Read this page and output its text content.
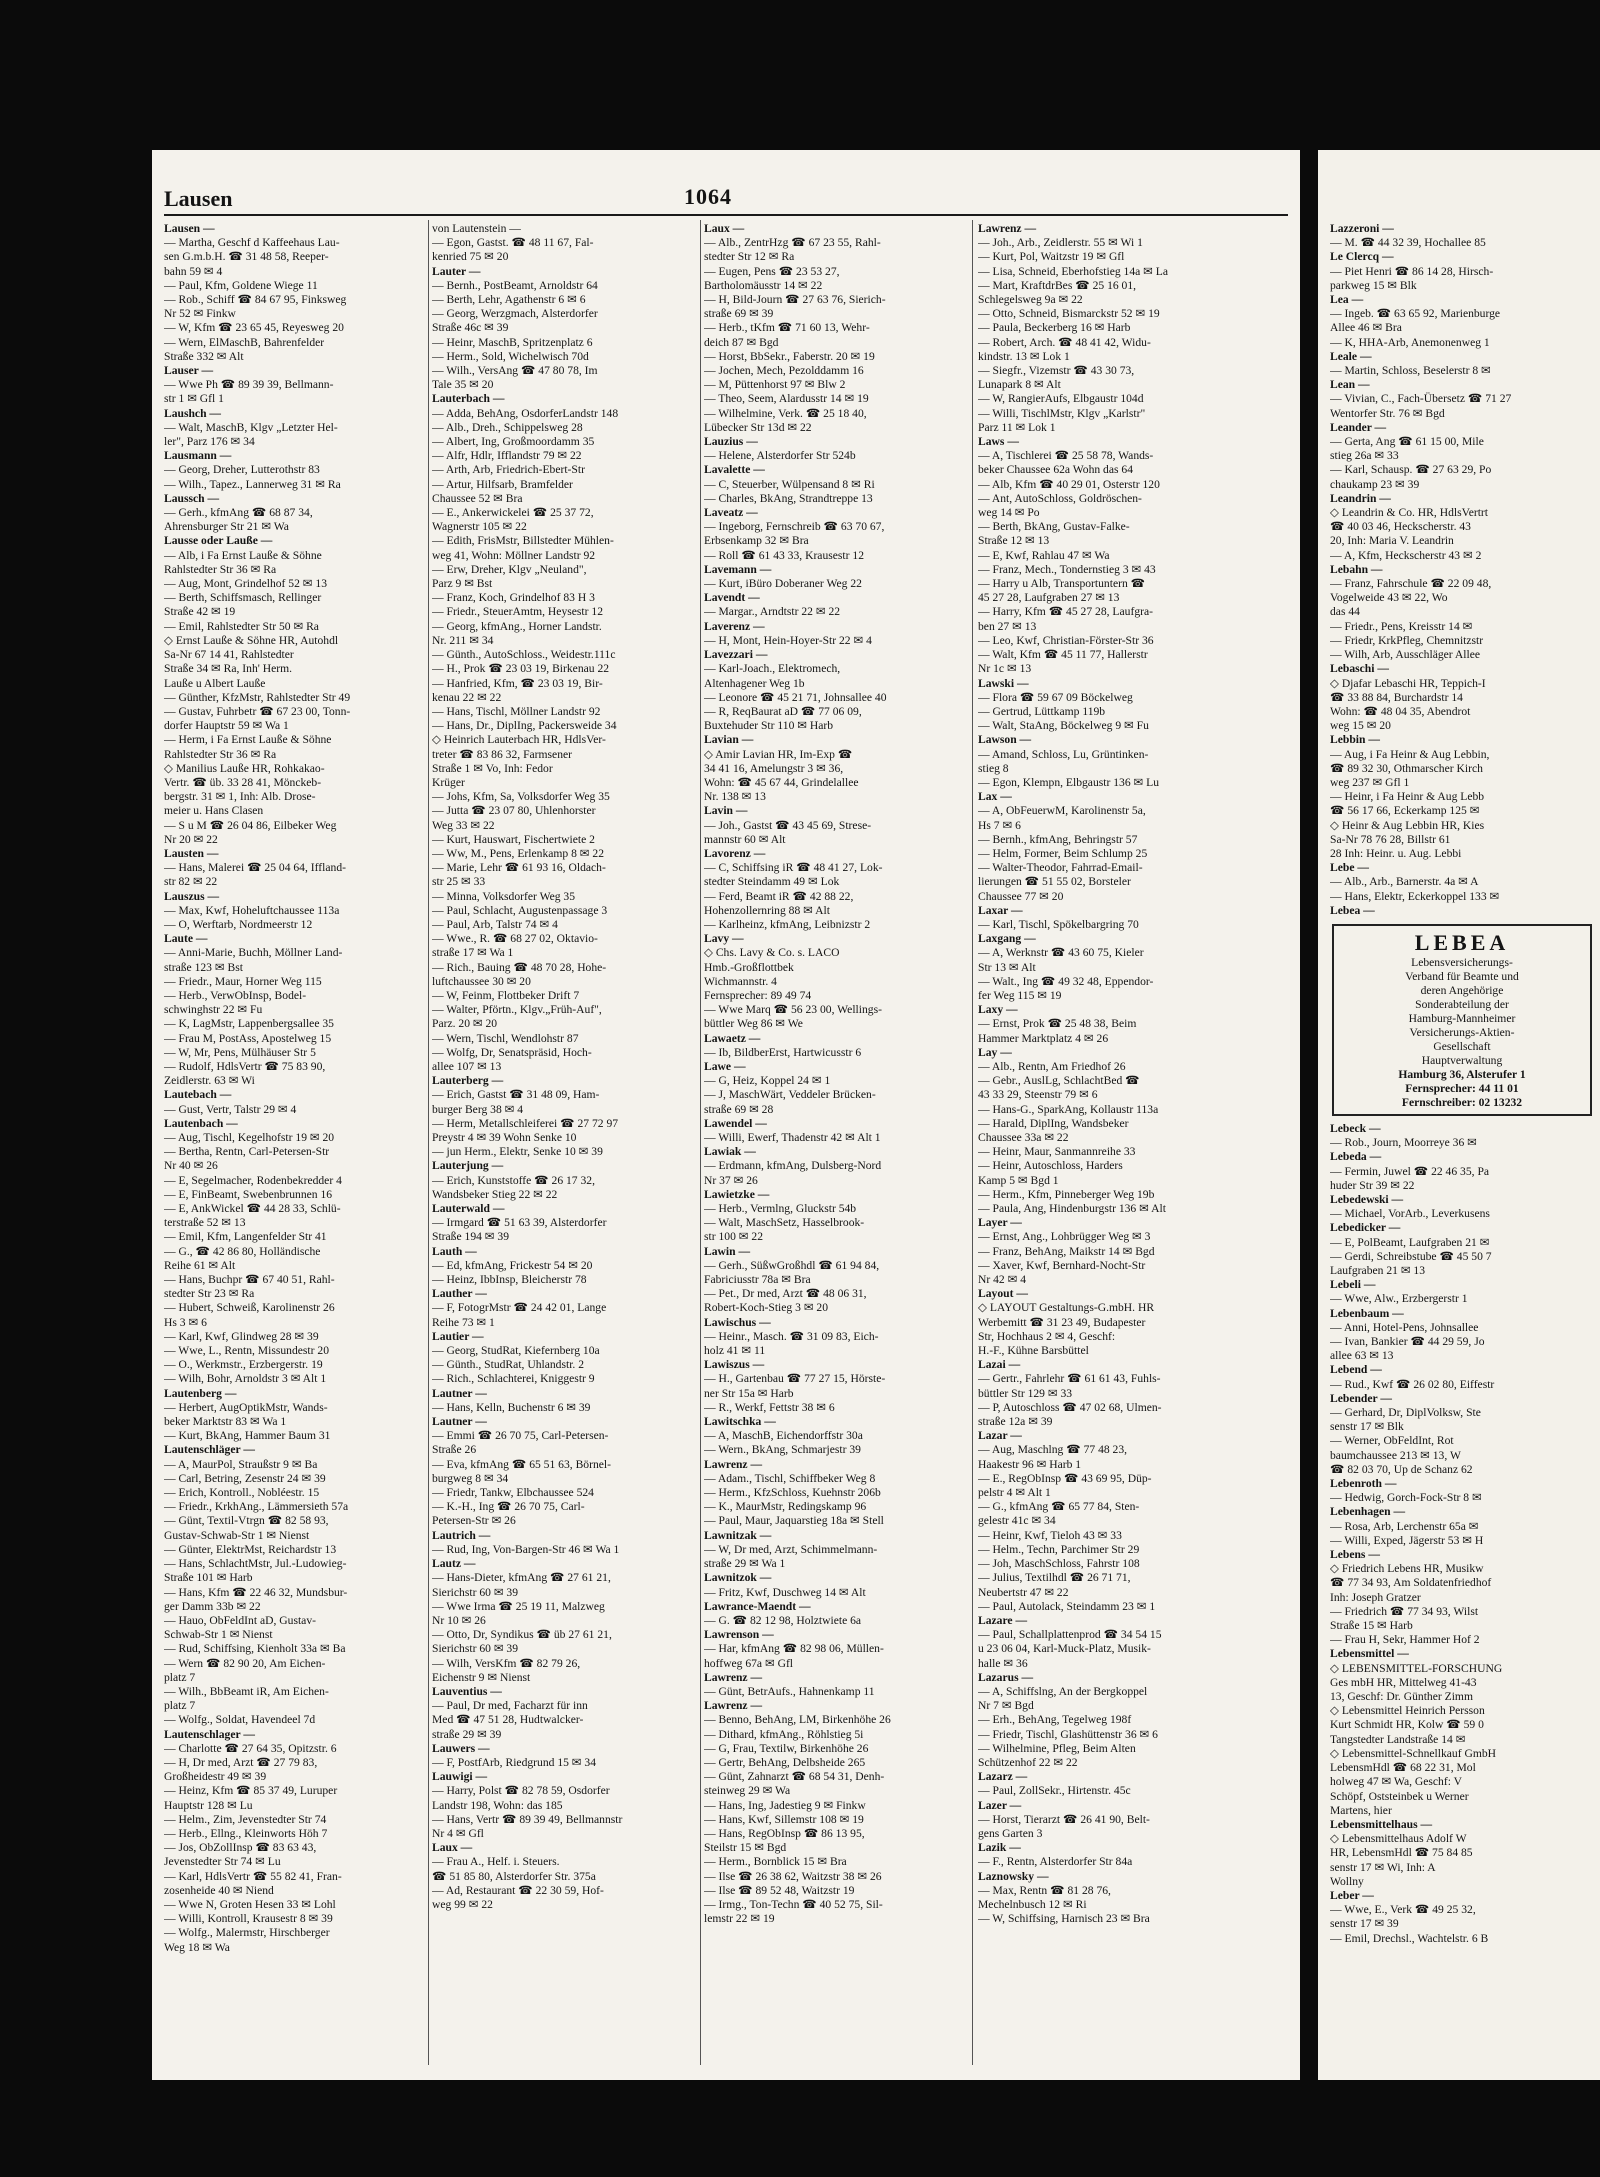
Lausen	1064
Lausen —
— Martha, Geschf d Kaffeehaus Lau-
sen G.m.b.H. ☎ 31 48 58, Reeper-
bahn 59 ✉ 4
— Paul, Kfm, Goldene Wiege 11
— Rob., Schiff ☎ 84 67 95, Finksweg
Nr 52 ✉ Finkw
— W, Kfm ☎ 23 65 45, Reyesweg 20
— Wern, ElMaschB, Bahrenfelder
Straße 332 ✉ Alt
Lauser —
— Wwe Ph ☎ 89 39 39, Bellmann-
str 1 ✉ Gfl 1
Laushch —
— Walt, MaschB, Klgv „Letzter Hel-
ler", Parz 176 ✉ 34
Lausmann —
— Georg, Dreher, Lutterothstr 83
— Wilh., Tapez., Lannerweg 31 ✉ Ra
Laussch —
— Gerh., kfmAng ☎ 68 87 34,
Ahrensburger Str 21 ✉ Wa
Lausse oder Lauße —
— Alb, i Fa Ernst Lauße & Söhne
Rahlstedter Str 36 ✉ Ra
— Aug, Mont, Grindelhof 52 ✉ 13
— Berth, Schiffsmasch, Rellinger
Straße 42 ✉ 19
— Emil, Rahlstedter Str 50 ✉ Ra
◇ Ernst Lauße & Söhne HR, Autohdl
Sa-Nr 67 14 41, Rahlstedter
Straße 34 ✉ Ra, Inh' Herm.
Lauße u Albert Lauße
— Günther, KfzMstr, Rahlstedter Str 49
— Gustav, Fuhrbetr ☎ 67 23 00, Tonn-
dorfer Hauptstr 59 ✉ Wa 1
— Herm, i Fa Ernst Lauße & Söhne
Rahlstedter Str 36 ✉ Ra
◇ Manilius Lauße HR, Rohkakao-
Vertr. ☎ üb. 33 28 41, Mönckeb-
bergstr. 31 ✉ 1, Inh: Alb. Drose-
meier u. Hans Clasen
— S u M ☎ 26 04 86, Eilbeker Weg
Nr 20 ✉ 22
Lausten —
— Hans, Malerei ☎ 25 04 64, Iffland-
str 82 ✉ 22
Lauszus —
— Max, Kwf, Hoheluftchaussee 113a
— O, Werftarb, Nordmeerstr 12
Laute —
— Anni-Marie, Buchh, Möllner Land-
straße 123 ✉ Bst
— Friedr., Maur, Horner Weg 115
— Herb., VerwObInsp, Bodel-
schwinghstr 22 ✉ Fu
— K, LagMstr, Lappenbergsallee 35
— Frau M, PostAss, Apostelweg 15
— W, Mr, Pens, Mülhäuser Str 5
— Rudolf, HdlsVertr ☎ 75 83 90,
Zeidlerstr. 63 ✉ Wi
Lautebach —
— Gust, Vertr, Talstr 29 ✉ 4
Lautenbach —
— Aug, Tischl, Kegelhofstr 19 ✉ 20
— Bertha, Rentn, Carl-Petersen-Str
Nr 40 ✉ 26
— E, Segelmacher, Rodenbekredder 4
— E, FinBeamt, Swebenbrunnen 16
— E, AnkWickel ☎ 44 28 33, Schlü-
terstraße 52 ✉ 13
— Emil, Kfm, Langenfelder Str 41
— G., ☎ 42 86 80, Holländische
Reihe 61 ✉ Alt
— Hans, Buchpr ☎ 67 40 51, Rahl-
stedter Str 23 ✉ Ra
— Hubert, Schweiß, Karolinenstr 26
Hs 3 ✉ 6
— Karl, Kwf, Glindweg 28 ✉ 39
— Wwe, L., Rentn, Missundestr 20
— O., Werkmstr., Erzbergerstr. 19
— Wilh, Bohr, Arnoldstr 3 ✉ Alt 1
Lautenberg —
— Herbert, AugOptikMstr, Wands-
beker Marktstr 83 ✉ Wa 1
— Kurt, BkAng, Hammer Baum 31
Lautenschläger —
— A, MaurPol, Straußstr 9 ✉ Ba
— Carl, Betring, Zesenstr 24 ✉ 39
— Erich, Kontroll., Nobléestr. 15
— Friedr., KrkhAng., Lämmersieth 57a
— Günt, Textil-Vtrgn ☎ 82 58 93,
Gustav-Schwab-Str 1 ✉ Nienst
— Günter, ElektrMst, Reichardstr 13
— Hans, SchlachtMstr, Jul.-Ludowieg-
Straße 101 ✉ Harb
— Hans, Kfm ☎ 22 46 32, Mundsbur-
ger Damm 33b ✉ 22
— Hauo, ObFeldInt aD, Gustav-
Schwab-Str 1 ✉ Nienst
— Rud, Schiffsing, Kienholt 33a ✉ Ba
— Wern ☎ 82 90 20, Am Eichen-
platz 7
— Wilh., BbBeamt iR, Am Eichen-
platz 7
— Wolfg., Soldat, Havendeel 7d
Lautenschlager —
— Charlotte ☎ 27 64 35, Opitzstr. 6
— H, Dr med, Arzt ☎ 27 79 83,
Großheidestr 49 ✉ 39
— Heinz, Kfm ☎ 85 37 49, Luruper
Hauptstr 128 ✉ Lu
— Helm., Zim, Jevenstedter Str 74
— Herb., Ellng., Kleinworts Höh 7
— Jos, ObZollInsp ☎ 83 63 43,
Jevenstedter Str 74 ✉ Lu
— Karl, HdlsVertr ☎ 55 82 41, Fran-
zosenheide 40 ✉ Niend
— Wwe N, Groten Hesen 33 ✉ Lohl
— Willi, Kontroll, Krausestr 8 ✉ 39
— Wolfg., Malermstr, Hirschberger
Weg 18 ✉ Wa
von Lautenstein —
— Egon, Gastst. ☎ 48 11 67, Fal-
kenried 75 ✉ 20
Lauter —
— Bernh., PostBeamt, Arnoldstr 64
— Berth, Lehr, Agathenstr 6 ✉ 6
— Georg, Werzgmach, Alsterdorfer
Straße 46c ✉ 39
— Heinr, MaschB, Spritzenplatz 6
— Herm., Sold, Wichelwisch 70d
— Wilh., VersAng ☎ 47 80 78, Im
Tale 35 ✉ 20
Lauterbach —
— Adda, BehAng, OsdorferLandstr 148
— Alb., Dreh., Schippelsweg 28
— Albert, Ing, Großmoordamm 35
— Alfr, Hdlr, Ifflandstr 79 ✉ 22
— Arth, Arb, Friedrich-Ebert-Str
— Artur, Hilfsarb, Bramfelder
Chaussee 52 ✉ Bra
— E., Ankerwickelei ☎ 25 37 72,
Wagnerstr 105 ✉ 22
— Edith, FrisMstr, Billstedter Mühlen-
weg 41, Wohn: Möllner Landstr 92
— Erw, Dreher, Klgv „Neuland",
Parz 9 ✉ Bst
— Franz, Koch, Grindelhof 83 H 3
— Friedr., SteuerAmtm, Heysestr 12
— Georg, kfmAng., Horner Landstr.
Nr. 211 ✉ 34
— Günth., AutoSchloss., Weidestr.111c
— H., Prok ☎ 23 03 19, Birkenau 22
— Hanfried, Kfm, ☎ 23 03 19, Bir-
kenau 22 ✉ 22
— Hans, Tischl, Möllner Landstr 92
— Hans, Dr., DiplIng, Packersweide 34
◇ Heinrich Lauterbach HR, HdlsVer-
treter ☎ 83 86 32, Farmsener
Straße 1 ✉ Vo, Inh: Fedor
Krüger
— Johs, Kfm, Sa, Volksdorfer Weg 35
— Jutta ☎ 23 07 80, Uhlenhorster
Weg 33 ✉ 22
— Kurt, Hauswart, Fischertwiete 2
— Ww, M., Pens, Erlenkamp 8 ✉ 22
— Marie, Lehr ☎ 61 93 16, Oldach-
str 25 ✉ 33
— Minna, Volksdorfer Weg 35
— Paul, Schlacht, Augustenpassage 3
— Paul, Arb, Talstr 74 ✉ 4
— Wwe., R. ☎ 68 27 02, Oktavio-
straße 17 ✉ Wa 1
— Rich., Bauing ☎ 48 70 28, Hohe-
luftchaussee 30 ✉ 20
— W, Feinm, Flottbeker Drift 7
— Walter, Pförtn., Klgv.„Früh-Auf",
Parz. 20 ✉ 20
— Wern, Tischl, Wendlohstr 87
— Wolfg, Dr, Senatspräsid, Hoch-
allee 107 ✉ 13
Lauterberg —
— Erich, Gastst ☎ 31 48 09, Ham-
burger Berg 38 ✉ 4
— Herm, Metallschleiferei ☎ 27 72 97
Preystr 4 ✉ 39 Wohn Senke 10
— jun Herm., Elektr, Senke 10 ✉ 39
Lauterjung —
— Erich, Kunststoffe ☎ 26 17 32,
Wandsbeker Stieg 22 ✉ 22
Lauterwald —
— Irmgard ☎ 51 63 39, Alsterdorfer
Straße 194 ✉ 39
Lauth —
— Ed, kfmAng, Frickestr 54 ✉ 20
— Heinz, IbbInsp, Bleicherstr 78
Lauther —
— F, FotogrMstr ☎ 24 42 01, Lange
Reihe 73 ✉ 1
Lautier —
— Georg, StudRat, Kiefernberg 10a
— Günth., StudRat, Uhlandstr. 2
— Rich., Schlachterei, Kniggestr 9
Lautner —
— Hans, Kelln, Buchenstr 6 ✉ 39
Lautner —
— Emmi ☎ 26 70 75, Carl-Petersen-
Straße 26
— Eva, kfmAng ☎ 65 51 63, Börnel-
burgweg 8 ✉ 34
— Friedr, Tankw, Elbchaussee 524
— K.-H., Ing ☎ 26 70 75, Carl-
Petersen-Str ✉ 26
Lautrich —
— Rud, Ing, Von-Bargen-Str 46 ✉ Wa 1
Lautz —
— Hans-Dieter, kfmAng ☎ 27 61 21,
Sierichstr 60 ✉ 39
— Wwe Irma ☎ 25 19 11, Malzweg
Nr 10 ✉ 26
— Otto, Dr, Syndikus ☎ üb 27 61 21,
Sierichstr 60 ✉ 39
— Wilh, VersKfm ☎ 82 79 26,
Eichenstr 9 ✉ Nienst
Lauventius —
— Paul, Dr med, Facharzt für inn
Med ☎ 47 51 28, Hudtwalcker-
straße 29 ✉ 39
Lauwers —
— F, PostfArb, Riedgrund 15 ✉ 34
Lauwigi —
— Harry, Polst ☎ 82 78 59, Osdorfer
Landstr 198, Wohn: das 185
— Hans, Vertr ☎ 89 39 49, Bellmannstr
Nr 4 ✉ Gfl
Laux —
— Frau A., Helf. i. Steuers.
☎ 51 85 80, Alsterdorfer Str. 375a
— Ad, Restaurant ☎ 22 30 59, Hof-
weg 99 ✉ 22
Laux —
— Alb., ZentrHzg ☎ 67 23 55, Rahl-
stedter Str 12 ✉ Ra
— Eugen, Pens ☎ 23 53 27,
Bartholomäusstr 14 ✉ 22
— H, Bild-Journ ☎ 27 63 76, Sierich-
straße 69 ✉ 39
— Herb., tKfm ☎ 71 60 13, Wehr-
deich 87 ✉ Bgd
— Horst, BbSekr., Faberstr. 20 ✉ 19
— Jochen, Mech, Pezolddamm 16
— M, Püttenhorst 97 ✉ Blw 2
— Theo, Seem, Alardusstr 14 ✉ 19
— Wilhelmine, Verk. ☎ 25 18 40,
Lübecker Str 13d ✉ 22
Lauzius —
— Helene, Alsterdorfer Str 524b
Lavalette —
— C, Steuerber, Wülpensand 8 ✉ Ri
— Charles, BkAng, Strandtreppe 13
Laveatz —
— Ingeborg, Fernschreib ☎ 63 70 67,
Erbsenkamp 32 ✉ Bra
— Roll ☎ 61 43 33, Krausestr 12
Lavemann —
— Kurt, iBüro Doberaner Weg 22
Lavendt —
— Margar., Arndtstr 22 ✉ 22
Laverenz —
— H, Mont, Hein-Hoyer-Str 22 ✉ 4
Lavezzari —
— Karl-Joach., Elektromech,
Altenhagener Weg 1b
— Leonore ☎ 45 21 71, Johnsallee 40
— R, ReqBaurat aD ☎ 77 06 09,
Buxtehuder Str 110 ✉ Harb
Lavian —
◇ Amir Lavian HR, Im-Exp ☎
34 41 16, Amelungstr 3 ✉ 36,
Wohn: ☎ 45 67 44, Grindelallee
Nr. 138 ✉ 13
Lavin —
— Joh., Gastst ☎ 43 45 69, Strese-
mannstr 60 ✉ Alt
Lavorenz —
— C, Schiffsing iR ☎ 48 41 27, Lok-
stedter Steindamm 49 ✉ Lok
— Ferd, Beamt iR ☎ 42 88 22,
Hohenzollernring 88 ✉ Alt
— Karlheinz, kfmAng, Leibnizstr 2
Lavy —
◇ Chs. Lavy & Co. s. LACO
Hmb.-Großflottbek
Wichmannstr. 4
Fernsprecher: 89 49 74
— Wwe Marq ☎ 56 23 00, Wellings-
büttler Weg 86 ✉ We
Lawaetz —
— Ib, BildberErst, Hartwicusstr 6
Lawe —
— G, Heiz, Koppel 24 ✉ 1
— J, MaschWärt, Veddeler Brücken-
straße 69 ✉ 28
Lawendel —
— Willi, Ewerf, Thadenstr 42 ✉ Alt 1
Lawiak —
— Erdmann, kfmAng, Dulsberg-Nord
Nr 37 ✉ 26
Lawietzke —
— Herb., Vermlng, Gluckstr 54b
— Walt, MaschSetz, Hasselbrook-
str 100 ✉ 22
Lawin —
— Gerh., SüßwGroßhdl ☎ 61 94 84,
Fabriciusstr 78a ✉ Bra
— Pet., Dr med, Arzt ☎ 48 06 31,
Robert-Koch-Stieg 3 ✉ 20
Lawischus —
— Heinr., Masch. ☎ 31 09 83, Eich-
holz 41 ✉ 11
Lawiszus —
— H., Gartenbau ☎ 77 27 15, Hörste-
ner Str 15a ✉ Harb
— R., Werkf, Fettstr 38 ✉ 6
Lawitschka —
— A, MaschB, Eichendorffstr 30a
— Wern., BkAng, Schmarjestr 39
Lawrenz —
— Adam., Tischl, Schiffbeker Weg 8
— Herm., KfzSchloss, Kuehnstr 206b
— K., MaurMstr, Redingskamp 96
— Paul, Maur, Jaquarstieg 18a ✉ Stell
Lawnitzak —
— W, Dr med, Arzt, Schimmelmann-
straße 29 ✉ Wa 1
Lawnitzok —
— Fritz, Kwf, Duschweg 14 ✉ Alt
Lawrance-Maendt —
— G. ☎ 82 12 98, Holztwiete 6a
Lawrenson —
— Har, kfmAng ☎ 82 98 06, Müllen-
hoffweg 67a ✉ Gfl
Lawrenz —
— Günt, BetrAufs., Hahnenkamp 11
Lawrenz —
— Benno, BehAng, LM, Birkenhöhe 26
— Dithard, kfmAng., Röhlstieg 5i
— G, Frau, Textilw, Birkenhöhe 26
— Gertr, BehAng, Delbsheide 265
— Günt, Zahnarzt ☎ 68 54 31, Denh-
steinweg 29 ✉ Wa
— Hans, Ing, Jadestieg 9 ✉ Finkw
— Hans, Kwf, Sillemstr 108 ✉ 19
— Hans, RegObInsp ☎ 86 13 95,
Steilstr 15 ✉ Bgd
— Herm., Bornblick 15 ✉ Bra
— Ilse ☎ 26 38 62, Waitzstr 38 ✉ 26
— Ilse ☎ 89 52 48, Waitzstr 19
— Irmg., Ton-Techn ☎ 40 52 75, Sil-
lemstr 22 ✉ 19
Lawrenz —
— Joh., Arb., Zeidlerstr. 55 ✉ Wi 1
— Kurt, Pol, Waitzstr 19 ✉ Gfl
— Lisa, Schneid, Eberhofstieg 14a ✉ La
— Mart, KraftdrBes ☎ 25 16 01,
Schlegelsweg 9a ✉ 22
— Otto, Schneid, Bismarckstr 52 ✉ 19
— Paula, Beckerberg 16 ✉ Harb
— Robert, Arch. ☎ 48 41 42, Widu-
kindstr. 13 ✉ Lok 1
— Siegfr., Vizemstr ☎ 43 30 73,
Lunapark 8 ✉ Alt
— W, RangierAufs, Elbgaustr 104d
— Willi, TischlMstr, Klgv „Karlstr"
Parz 11 ✉ Lok 1
Laws —
— A, Tischlerei ☎ 25 58 78, Wands-
beker Chaussee 62a Wohn das 64
— Alb, Kfm ☎ 40 29 01, Osterstr 120
— Ant, AutoSchloss, Goldröschen-
weg 14 ✉ Po
— Berth, BkAng, Gustav-Falke-
Straße 12 ✉ 13
— E, Kwf, Rahlau 47 ✉ Wa
— Franz, Mech., Tondernstieg 3 ✉ 43
— Harry u Alb, Transportuntern ☎
45 27 28, Laufgraben 27 ✉ 13
— Harry, Kfm ☎ 45 27 28, Laufgra-
ben 27 ✉ 13
— Leo, Kwf, Christian-Förster-Str 36
— Walt, Kfm ☎ 45 11 77, Hallerstr
Nr 1c ✉ 13
Lawski —
— Flora ☎ 59 67 09 Böckelweg
— Gertrud, Lüttkamp 119b
— Walt, StaAng, Böckelweg 9 ✉ Fu
Lawson —
— Amand, Schloss, Lu, Grüntinken-
stieg 8
— Egon, Klempn, Elbgaustr 136 ✉ Lu
Lax —
— A, ObFeuerwM, Karolinenstr 5a,
Hs 7 ✉ 6
— Bernh., kfmAng, Behringstr 57
— Helm, Former, Beim Schlump 25
— Walter-Theodor, Fahrrad-Email-
lierungen ☎ 51 55 02, Borsteler
Chaussee 77 ✉ 20
Laxar —
— Karl, Tischl, Spökelbargring 70
Laxgang —
— A, Werknstr ☎ 43 60 75, Kieler
Str 13 ✉ Alt
— Walt., Ing ☎ 49 32 48, Eppendor-
fer Weg 115 ✉ 19
Laxy —
— Ernst, Prok ☎ 25 48 38, Beim
Hammer Marktplatz 4 ✉ 26
Lay —
— Alb., Rentn, Am Friedhof 26
— Gebr., AuslLg, SchlachtBed ☎
43 33 29, Steenstr 79 ✉ 6
— Hans-G., SparkAng, Kollaustr 113a
— Harald, DiplIng, Wandsbeker
Chaussee 33a ✉ 22
— Heinr, Maur, Sanmannreihe 33
— Heinr, Autoschloss, Harders
Kamp 5 ✉ Bgd 1
— Herm., Kfm, Pinneberger Weg 19b
— Paula, Ang, Hindenburgstr 136 ✉ Alt
Layer —
— Ernst, Ang., Lohbrügger Weg ✉ 3
— Franz, BehAng, Maikstr 14 ✉ Bgd
— Xaver, Kwf, Bernhard-Nocht-Str
Nr 42 ✉ 4
Layout —
◇ LAYOUT Gestaltungs-G.mbH. HR
Werbemitt ☎ 31 23 49, Budapester
Str, Hochhaus 2 ✉ 4, Geschf:
H.-F., Kühne Barsbüttel
Lazai —
— Gertr., Fahrlehr ☎ 61 61 43, Fuhls-
büttler Str 129 ✉ 33
— P, Autoschloss ☎ 47 02 68, Ulmen-
straße 12a ✉ 39
Lazar —
— Aug, Maschlng ☎ 77 48 23,
Haakestr 96 ✉ Harb 1
— E., RegObInsp ☎ 43 69 95, Düp-
pelstr 4 ✉ Alt 1
— G., kfmAng ☎ 65 77 84, Sten-
gelestr 41c ✉ 34
— Heinr, Kwf, Tieloh 43 ✉ 33
— Helm., Techn, Parchimer Str 29
— Joh, MaschSchloss, Fahrstr 108
— Julius, Textilhdl ☎ 26 71 71,
Neubertstr 47 ✉ 22
— Paul, Autolack, Steindamm 23 ✉ 1
Lazare —
— Paul, Schallplattenprod ☎ 34 54 15
u 23 06 04, Karl-Muck-Platz, Musik-
halle ✉ 36
Lazarus —
— A, Schiffslng, An der Bergkoppel
Nr 7 ✉ Bgd
— Erh., BehAng, Tegelweg 198f
— Friedr, Tischl, Glashüttenstr 36 ✉ 6
— Wilhelmine, Pfleg, Beim Alten
Schützenhof 22 ✉ 22
Lazarz —
— Paul, ZollSekr., Hirtenstr. 45c
Lazer —
— Horst, Tierarzt ☎ 26 41 90, Belt-
gens Garten 3
Lazik —
— F., Rentn, Alsterdorfer Str 84a
Laznowsky —
— Max, Rentn ☎ 81 28 76,
Mechelnbusch 12 ✉ Ri
— W, Schiffsing, Harnisch 23 ✉ Bra
Lazzeroni —
— M. ☎ 44 32 39, Hochallee 85
Le Clercq —
— Piet Henri ☎ 86 14 28, Hirsch-
parkweg 15 ✉ Blk
Lea —
— Ingeb. ☎ 63 65 92, Marienburge
Allee 46 ✉ Bra
— K, HHA-Arb, Anemonenweg 1
Leale —
— Martin, Schloss, Beselerstr 8 ✉
Lean —
— Vivian, C., Fach-Übersetz ☎ 71 27
Wentorfer Str. 76 ✉ Bgd
Leander —
— Gerta, Ang ☎ 61 15 00, Mile
stieg 26a ✉ 33
— Karl, Schausp. ☎ 27 63 29, Po
chaukamp 23 ✉ 39
Leandrin —
◇ Leandrin & Co. HR, HdlsVertrt
☎ 40 03 46, Heckscherstr. 43
20, Inh: Maria V. Leandrin
— A, Kfm, Heckscherstr 43 ✉ 2
Lebahn —
— Franz, Fahrschule ☎ 22 09 48,
Vogelweide 43 ✉ 22, Wo
das 44
— Friedr., Pens, Kreisstr 14 ✉
— Friedr, KrkPfleg, Chemnitzstr
— Wilh, Arb, Ausschläger Allee
Lebaschi —
◇ Djafar Lebaschi HR, Teppich-I
☎ 33 88 84, Burchardstr 14
Wohn: ☎ 48 04 35, Abendrot
weg 15 ✉ 20
Lebbin —
— Aug, i Fa Heinr & Aug Lebbin,
☎ 89 32 30, Othmarscher Kirch
weg 237 ✉ Gfl 1
— Heinr, i Fa Heinr & Aug Lebb
☎ 56 17 66, Eckerkamp 125 ✉
◇ Heinr & Aug Lebbin HR, Kies
Sa-Nr 78 76 28, Billstr 61
28 Inh: Heinr. u. Aug. Lebbi
Lebe —
— Alb., Arb., Barnerstr. 4a ✉ A
— Hans, Elektr, Eckerkoppel 133 ✉
Lebea —
LEBEA
Lebensversicherungs-
Verband für Beamte und
deren Angehörige
Sonderabteilung der
Hamburg-Mannheimer
Versicherungs-Aktien-
Gesellschaft
Hauptverwaltung
Hamburg 36, Alsterufer 1
Fernsprecher: 44 11 01
Fernschreiber: 02 13232
Lebeck —
— Rob., Journ, Moorreye 36 ✉
Lebeda —
— Fermin, Juwel ☎ 22 46 35, Pa
huder Str 39 ✉ 22
Lebedewski —
— Michael, VorArb., Leverkusens
Lebedicker —
— E, PolBeamt, Laufgraben 21 ✉
— Gerdi, Schreibstube ☎ 45 50 7
Laufgraben 21 ✉ 13
Lebeli —
— Wwe, Alw., Erzbergerstr 1
Lebenbaum —
— Anni, Hotel-Pens, Johnsallee
— Ivan, Bankier ☎ 44 29 59, Jo
allee 63 ✉ 13
Lebend —
— Rud., Kwf ☎ 26 02 80, Eiffestr
Lebender —
— Gerhard, Dr, DiplVolksw, Ste
senstr 17 ✉ Blk
— Werner, ObFeldInt, Rot
baumchaussee 213 ✉ 13, W
☎ 82 03 70, Up de Schanz 62
Lebenroth —
— Hedwig, Gorch-Fock-Str 8 ✉
Lebenhagen —
— Rosa, Arb, Lerchenstr 65a ✉
— Willi, Exped, Jägerstr 53 ✉ H
Lebens —
◇ Friedrich Lebens HR, Musikw
☎ 77 34 93, Am Soldatenfriedhof
Inh: Joseph Gratzer
— Friedrich ☎ 77 34 93, Wilst
Straße 15 ✉ Harb
— Frau H, Sekr, Hammer Hof 2
Lebensmittel —
◇ LEBENSMITTEL-FORSCHUNG
Ges mbH HR, Mittelweg 41-43
13, Geschf: Dr. Günther Zimm
◇ Lebensmittel Heinrich Persson
Kurt Schmidt HR, Kolw ☎ 59 0
Tangstedter Landstraße 14 ✉
◇ Lebensmittel-Schnellkauf GmbH
LebensmHdl ☎ 68 22 31, Mol
holweg 47 ✉ Wa, Geschf: V
Schöpf, Oststeinbek u Werner
Martens, hier
Lebensmittelhaus —
◇ Lebensmittelhaus Adolf W
HR, LebensmHdl ☎ 75 84 85
senstr 17 ✉ Wi, Inh: A
Wollny
Leber —
— Wwe, E., Verk ☎ 49 25 32,
senstr 17 ✉ 39
— Emil, Drechsl., Wachtelstr. 6 B
